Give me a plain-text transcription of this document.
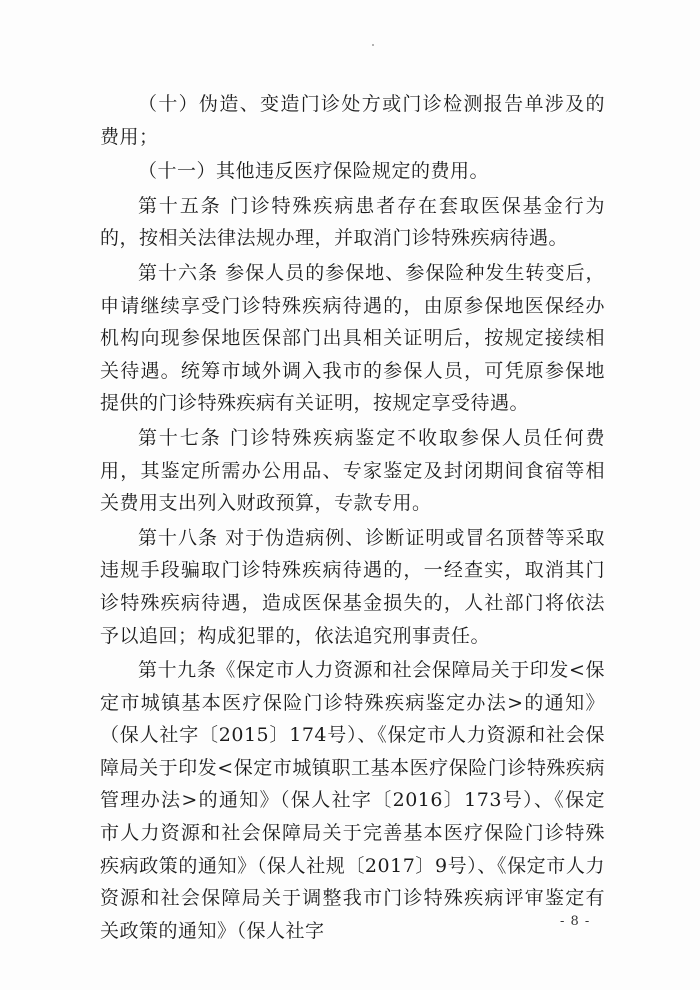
（十）伪造、变造门诊处方或门诊检测报告单涉及的费用；

（十一）其他违反医疗保险规定的费用。

第十五条 门诊特殊疾病患者存在套取医保基金行为的，按相关法律法规办理，并取消门诊特殊疾病待遇。

第十六条 参保人员的参保地、参保险种发生转变后，申请继续享受门诊特殊疾病待遇的，由原参保地医保经办机构向现参保地医保部门出具相关证明后，按规定接续相关待遇。统筹市域外调入我市的参保人员，可凭原参保地提供的门诊特殊疾病有关证明，按规定享受待遇。

第十七条 门诊特殊疾病鉴定不收取参保人员任何费用，其鉴定所需办公用品、专家鉴定及封闭期间食宿等相关费用支出列入财政预算，专款专用。

第十八条 对于伪造病例、诊断证明或冒名顶替等采取违规手段骗取门诊特殊疾病待遇的，一经查实，取消其门诊特殊疾病待遇，造成医保基金损失的，人社部门将依法予以追回；构成犯罪的，依法追究刑事责任。

第十九条《保定市人力资源和社会保障局关于印发<保定市城镇基本医疗保险门诊特殊疾病鉴定办法>的通知》（保人社字〔2015〕174号）、《保定市人力资源和社会保障局关于印发<保定市城镇职工基本医疗保险门诊特殊疾病管理办法>的通知》（保人社字〔2016〕173号）、《保定市人力资源和社会保障局关于完善基本医疗保险门诊特殊疾病政策的通知》（保人社规〔2017〕9号）、《保定市人力资源和社会保障局关于调整我市门诊特殊疾病评审鉴定有关政策的通知》（保人社字	- 8 -
